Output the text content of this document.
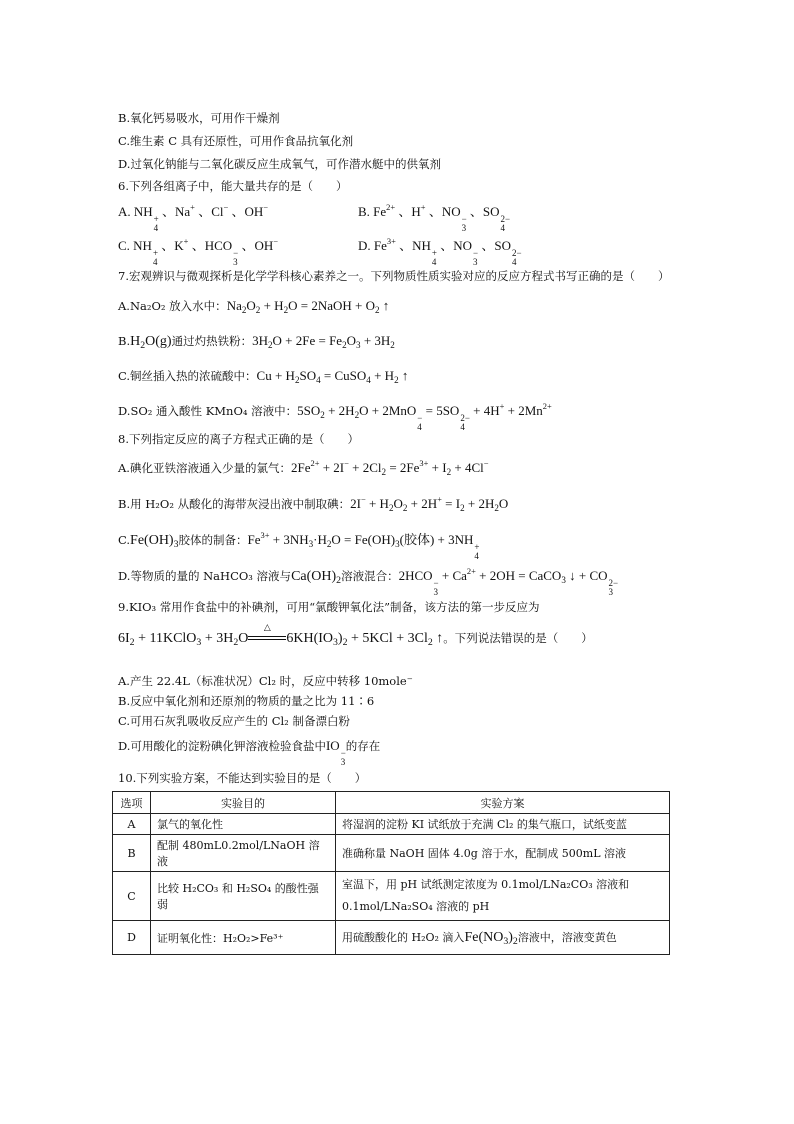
B.氧化钙易吸水，可用作干燥剂
C.维生素 C 具有还原性，可用作食品抗氧化剂
D.过氧化钠能与二氧化碳反应生成氧气，可作潜水艇中的供氧剂
6.下列各组离子中，能大量共存的是（　　）
A. NH +
4
、Na+ 、Cl− 、OH−	B. $Fe^{2+}$ 、H+ 、NO −
3
、SO 2−
4
C. NH +
4
、K+ 、HCO −
3
、OH−	D. $Fe^{3+}$ 、NH +
4
、NO −
3
、SO 2−
4
7.宏观辨识与微观探析是化学学科核心素养之一。下列物质性质实验对应的反应方程式书写正确的是（　　）
A.Na₂O₂ 放入水中：$Na_2O_2 + H_2O$ = 2NaOH + $O_2$ ↑
$B.H_2O(g)$通过灼热铁粉：$3H_2O + 2Fe = Fe_2O_3 + 3H_2$
C.铜丝插入热的浓硫酸中：$Cu + H_2SO_4$ = CuSO$_4$ + $H_2$ ↑
D.SO₂ 通入酸性 KMnO₄ 溶液中：$5SO_2 + 2H_2O + 2MnO$ −
4
= 5SO 2−
4
+ $4H^+ + 2Mn^{2+}$
8.下列指定反应的离子方程式正确的是（　　）
A.碘化亚铁溶液通入少量的氯气：$2Fe^{2+} + 2I^- + 2Cl_2 = 2Fe^{3+} + I_2 + 4Cl^-$
B.用 H₂O₂ 从酸化的海带灰浸出液中制取碘：$2I^- + H_2O_2 + 2H^+ = I_2 + 2H_2O$
$C.Fe(OH)_3$胶体的制备：$Fe^{3+} + 3NH_3\cdot H_2O = Fe(OH)_3$(胶体) + 3NH +
4
D.等物质的量的 NaHCO₃ 溶液与$Ca(OH)_2$溶液混合：2HCO −
3
+ $Ca^{2+} + 2OH$ = CaCO$_3$ ↓ + CO 2−
3
9.KIO₃ 常用作食盐中的补碘剂，可用“氯酸钾氧化法”制备，该方法的第一步反应为
$6I_2$ + 11KClO$_3$ + $3H_2O$
△
$6KH(IO_3)_2 + 5KCl + 3Cl_2$ ↑。下列说法错误的是（　　）
A.产生 22.4L（标准状况）Cl₂ 时，反应中转移 10mole⁻
B.反应中氧化剂和还原剂的物质的量之比为 11∶6
C.可用石灰乳吸收反应产生的 Cl₂ 制备漂白粉
D.可用酸化的淀粉碘化钾溶液检验食盐中IO −
3
的存在
10.下列实验方案，不能达到实验目的是（　　）
选项	实验目的	实验方案
A	氯气的氧化性	将湿润的淀粉 KI 试纸放于充满 Cl₂ 的集气瓶口，试纸变蓝
B	配制 480mL0.2mol/LNaOH 溶液	准确称量 NaOH 固体 4.0g 溶于水，配制成 500mL 溶液
C	比较 H₂CO₃ 和 H₂SO₄ 的酸性强弱	室温下，用 pH 试纸测定浓度为 0.1mol/LNa₂CO₃ 溶液和
0.1mol/LNa₂SO₄ 溶液的 pH

D	证明氧化性：H₂O₂>Fe³⁺	用硫酸酸化的 H₂O₂ 滴入$Fe(NO_3)_2$溶液中，溶液变黄色
